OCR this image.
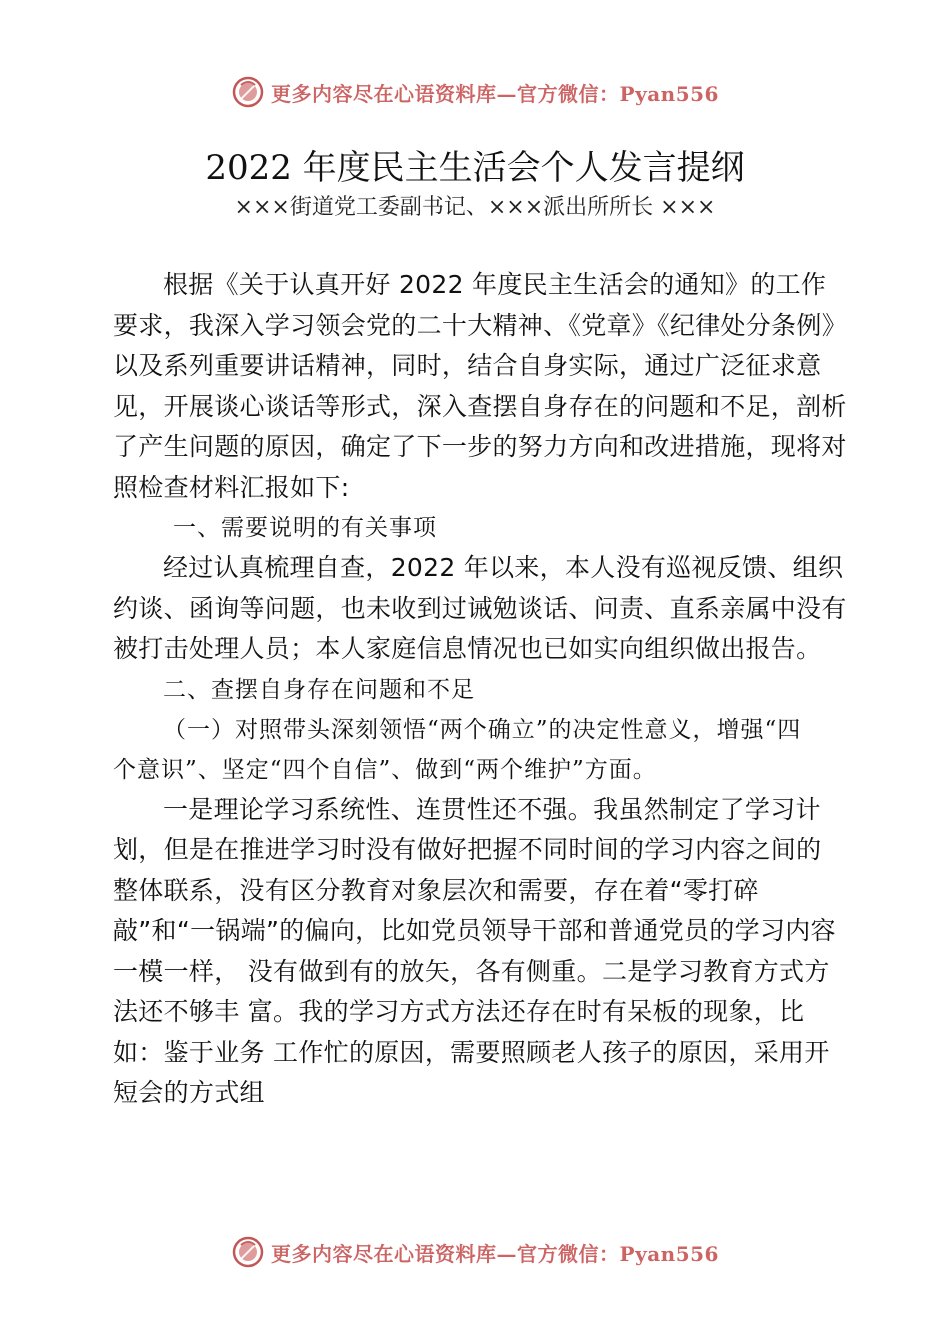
更多内容尽在心语资料库—官方微信：Pyan556
2022 年度民主生活会个人发言提纲
×××街道党工委副书记、×××派出所所长 ×××

根据《关于认真开好 2022 年度民主生活会的通知》的工作要求，我深入学习领会党的二十大精神、《党章》《纪律处分条例》以及系列重要讲话精神，同时，结合自身实际，通过广泛征求意见，开展谈心谈话等形式，深入查摆自身存在的问题和不足，剖析了产生问题的原因，确定了下一步的努力方向和改进措施，现将对照检查材料汇报如下:

一、需要说明的有关事项

经过认真梳理自查，2022 年以来，本人没有巡视反馈、组织约谈、函询等问题，也未收到过诫勉谈话、问责、直系亲属中没有被打击处理人员；本人家庭信息情况也已如实向组织做出报告。

二、查摆自身存在问题和不足

（一）对照带头深刻领悟“两个确立”的决定性意义，增强“四个意识”、坚定“四个自信”、做到“两个维护”方面。

一是理论学习系统性、连贯性还不强。我虽然制定了学习计划，但是在推进学习时没有做好把握不同时间的学习内容之间的 整体联系，没有区分教育对象层次和需要，存在着“零打碎敲”和“一锅端”的偏向，比如党员领导干部和普通党员的学习内容一模一样， 没有做到有的放矢，各有侧重。二是学习教育方式方法还不够丰 富。我的学习方式方法还存在时有呆板的现象，比如：鉴于业务 工作忙的原因，需要照顾老人孩子的原因，采用开短会的方式组

更多内容尽在心语资料库—官方微信：Pyan556
